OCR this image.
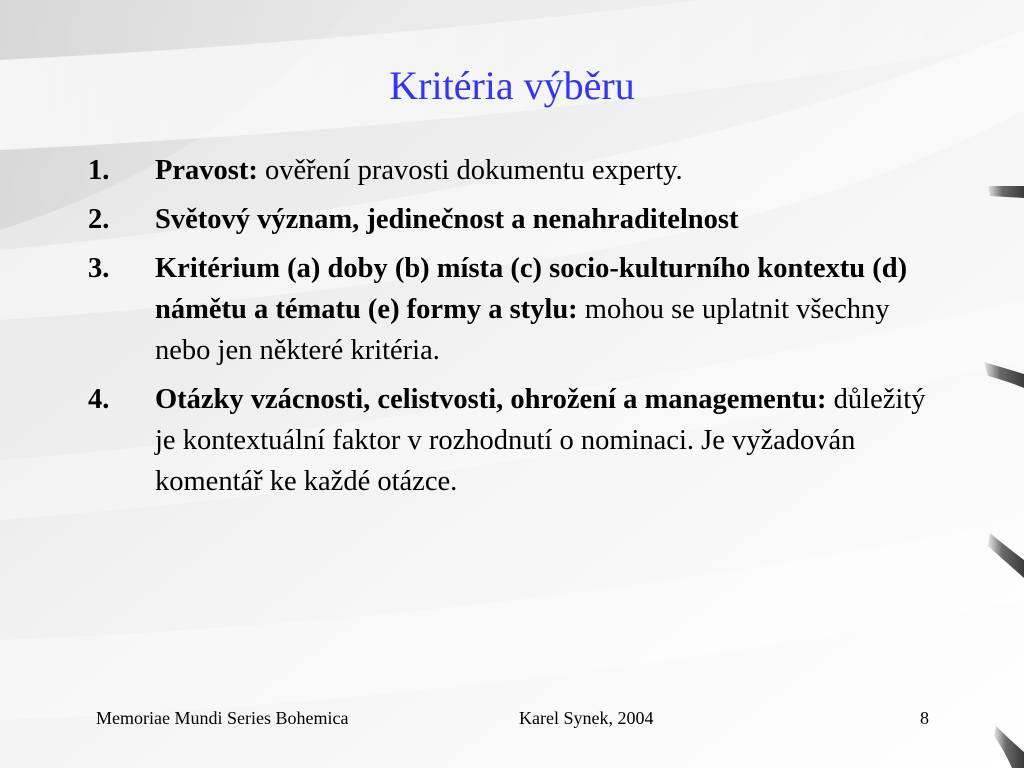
Kritéria výběru
1. Pravost: ověření pravosti dokumentu experty.
2. Světový význam, jedinečnost a nenahraditelnost
3. Kritérium (a) doby (b) místa (c) socio-kulturního kontextu (d) námětu a tématu (e) formy a stylu: mohou se uplatnit všechny nebo jen některé kritéria.
4. Otázky vzácnosti, celistvosti, ohrožení a managementu: důležitý je kontextuální faktor v rozhodnutí o nominaci. Je vyžadován komentář ke každé otázce.
Memoriae Mundi Series Bohemica	Karel Synek, 2004	8
